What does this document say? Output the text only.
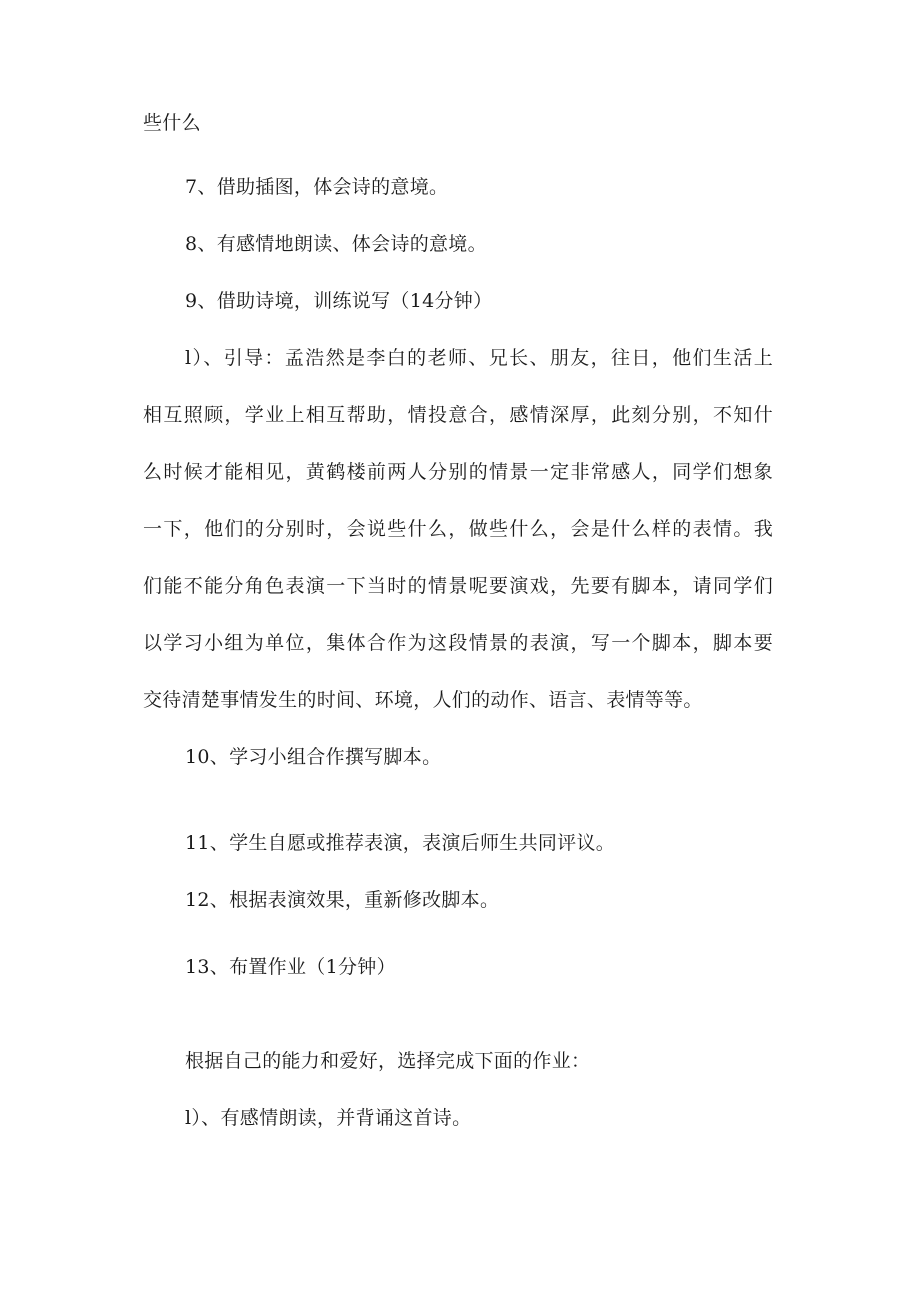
些什么
7、借助插图，体会诗的意境。
8、有感情地朗读、体会诗的意境。
9、借助诗境，训练说写（14分钟）
l）、引导：孟浩然是李白的老师、兄长、朋友，往日，他们生活上
相互照顾，学业上相互帮助，情投意合，感情深厚，此刻分别，不知什
么时候才能相见，黄鹤楼前两人分别的情景一定非常感人，同学们想象
一下，他们的分别时，会说些什么，做些什么，会是什么样的表情。我
们能不能分角色表演一下当时的情景呢要演戏，先要有脚本，请同学们
以学习小组为单位，集体合作为这段情景的表演，写一个脚本，脚本要
交待清楚事情发生的时间、环境，人们的动作、语言、表情等等。
10、学习小组合作撰写脚本。
11、学生自愿或推荐表演，表演后师生共同评议。
12、根据表演效果，重新修改脚本。
13、布置作业（1分钟）
根据自己的能力和爱好，选择完成下面的作业：
l）、有感情朗读，并背诵这首诗。
